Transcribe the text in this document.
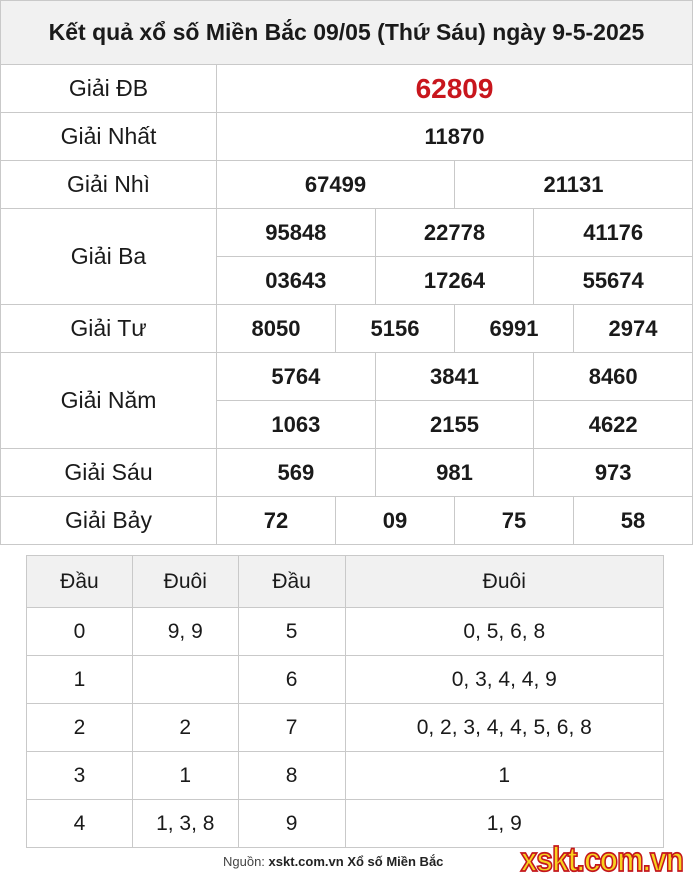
Kết quả xổ số Miền Bắc 09/05 (Thứ Sáu) ngày 9-5-2025
Giải ĐB	62809
Giải Nhất	11870
Giải Nhì	67499	21131
Giải Ba
95848	22778	41176
03643	17264	55674
Giải Tư	8050	5156	6991	2974
Giải Năm
5764	3841	8460
1063	2155	4622
Giải Sáu	569	981	973
Giải Bảy	72	09	75	58
Đầu	Đuôi	Đầu	Đuôi
0	9, 9	5	0, 5, 6, 8
1		6	0, 3, 4, 4, 9
2	2	7	0, 2, 3, 4, 4, 5, 6, 8
3	1	8	1
4	1, 3, 8	9	1, 9
Nguồn: xskt.com.vn Xổ số Miền Bắc	xskt.com.vn
